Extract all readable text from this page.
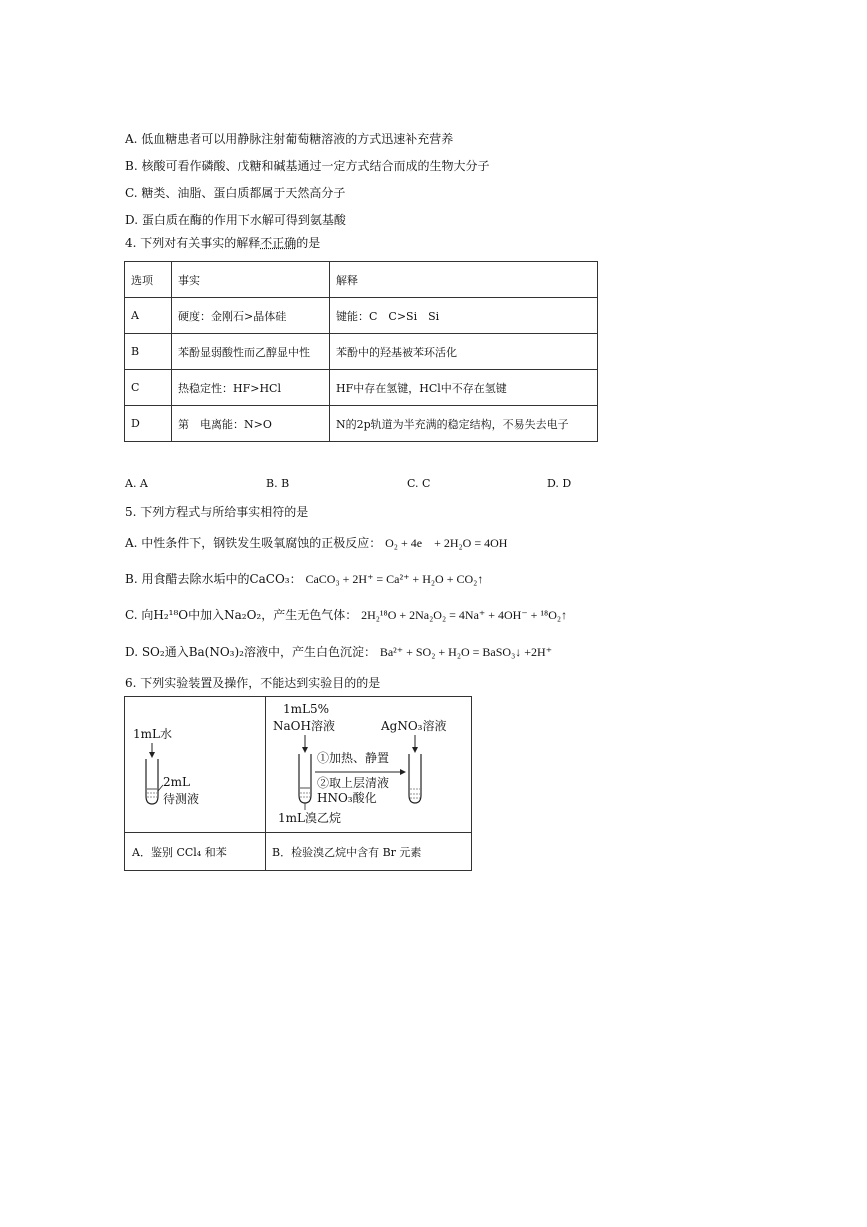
A. 低血糖患者可以用静脉注射葡萄糖溶液的方式迅速补充营养
B. 核酸可看作磷酸、戊糖和碱基通过一定方式结合而成的生物大分子
C. 糖类、油脂、蛋白质都属于天然高分子
D. 蛋白质在酶的作用下水解可得到氨基酸
4. 下列对有关事实的解释不正确的是
选项	事实	解释
A	硬度：金刚石>晶体硅	键能：C　C>Si　Si
B	苯酚显弱酸性而乙醇显中性	苯酚中的羟基被苯环活化
C	热稳定性：HF>HCl	HF中存在氢键，HCl中不存在氢键
D	第　电离能：N>O	N的2p轨道为半充满的稳定结构，不易失去电子
A. A	B. B	C. C	D. D
5. 下列方程式与所给事实相符的是
A. 中性条件下，钢铁发生吸氧腐蚀的正极反应： O₂ + 4e　+ 2H₂O = 4OH
B. 用食醋去除水垢中的CaCO₃： CaCO₃ + 2H⁺ = Ca²⁺ + H₂O + CO₂↑
C. 向H₂¹⁸O中加入Na₂O₂，产生无色气体： 2H₂¹⁸O + 2Na₂O₂ = 4Na⁺ + 4OH⁻ + ¹⁸O₂↑
D. SO₂通入Ba(NO₃)₂溶液中，产生白色沉淀： Ba²⁺ + SO₂ + H₂O = BaSO₃↓ +2H⁺
6. 下列实验装置及操作，不能达到实验目的的是
1mL水
2mL
待测液
1mL5%
NaOH溶液	AgNO₃溶液
①加热、静置
②取上层清液
HNO₃酸化
1mL溴乙烷
A．鉴别 CCl₄ 和苯	B．检验溴乙烷中含有 Br 元素
